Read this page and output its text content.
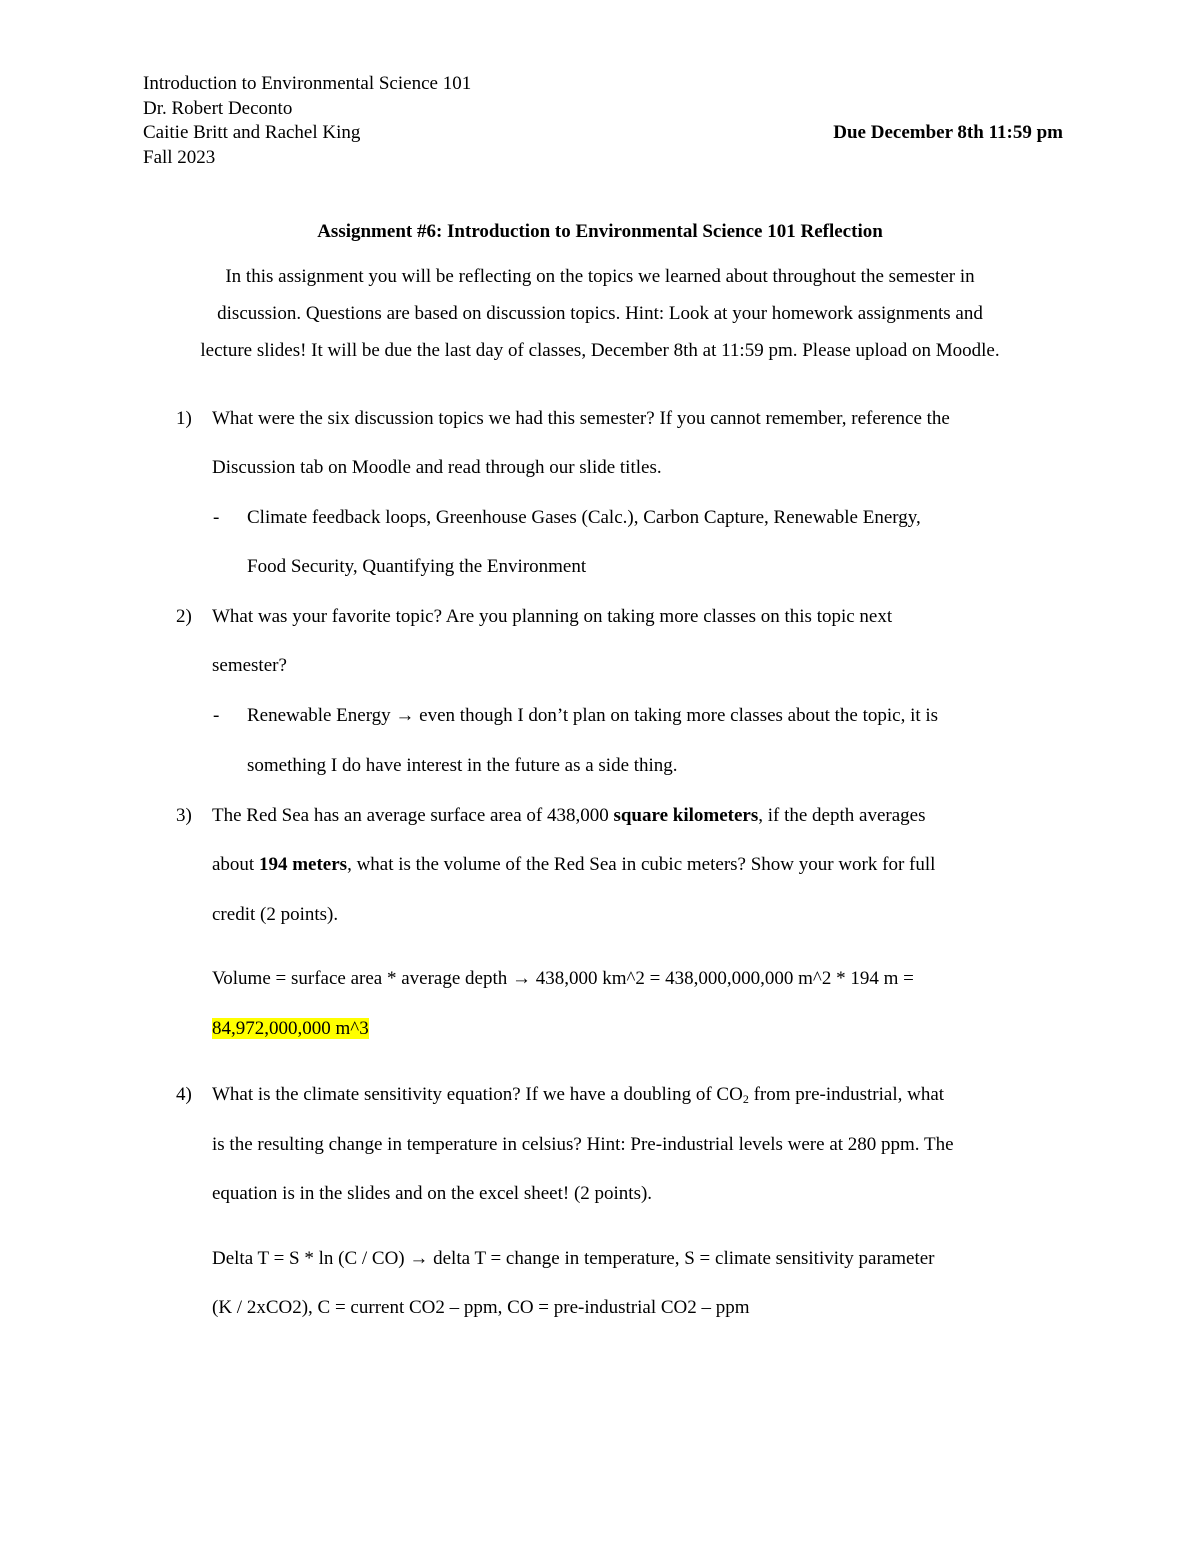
Introduction to Environmental Science 101
Dr. Robert Deconto
Caitie Britt and Rachel King
Fall 2023
Due December 8th 11:59 pm
Assignment #6: Introduction to Environmental Science 101 Reflection
In this assignment you will be reflecting on the topics we learned about throughout the semester in
discussion. Questions are based on discussion topics. Hint: Look at your homework assignments and
lecture slides! It will be due the last day of classes, December 8th at 11:59 pm. Please upload on Moodle.
1) What were the six discussion topics we had this semester? If you cannot remember, reference the
Discussion tab on Moodle and read through our slide titles.
- Climate feedback loops, Greenhouse Gases (Calc.), Carbon Capture, Renewable Energy,
Food Security, Quantifying the Environment
2) What was your favorite topic? Are you planning on taking more classes on this topic next
semester?
- Renewable Energy → even though I don’t plan on taking more classes about the topic, it is
something I do have interest in the future as a side thing.
3) The Red Sea has an average surface area of 438,000 square kilometers, if the depth averages
about 194 meters, what is the volume of the Red Sea in cubic meters? Show your work for full
credit (2 points).
Volume = surface area * average depth → 438,000 km^2 = 438,000,000,000 m^2 * 194 m =
84,972,000,000 m^3
4) What is the climate sensitivity equation? If we have a doubling of $CO_2$ from pre-industrial, what
is the resulting change in temperature in celsius? Hint: Pre-industrial levels were at 280 ppm. The
equation is in the slides and on the excel sheet! (2 points).
Delta T = S * ln (C / CO) → delta T = change in temperature, S = climate sensitivity parameter
(K / 2xCO2), C = current CO2 – ppm, CO = pre-industrial CO2 – ppm
